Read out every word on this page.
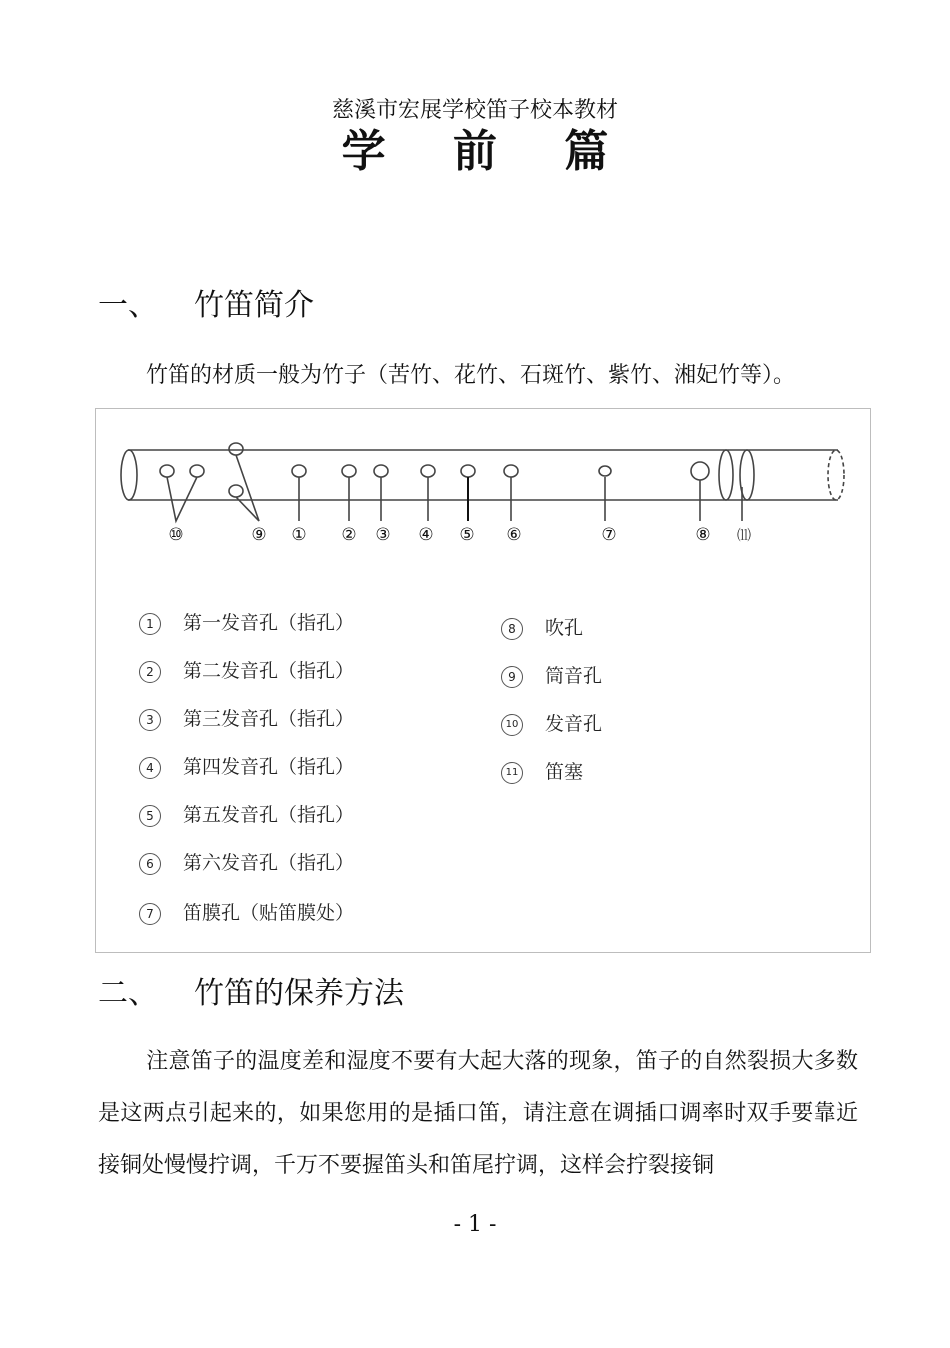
慈溪市宏展学校笛子校本教材
学 前 篇
一、 竹笛简介
竹笛的材质一般为竹子（苦竹、花竹、石斑竹、紫竹、湘妃竹等）。
⑩	⑨ ① ② ③ ④ ⑤ ⑥	⑦	⑧ ⑾
1 第一发音孔（指孔）
2 第二发音孔（指孔）
3 第三发音孔（指孔）
4 第四发音孔（指孔）
5 第五发音孔（指孔）
6 第六发音孔（指孔）
7 笛膜孔（贴笛膜处）
8 吹孔
9 筒音孔
10 发音孔
11 笛塞
二、 竹笛的保养方法
注意笛子的温度差和湿度不要有大起大落的现象，笛子的自然裂损大多数是这两点引起来的，如果您用的是插口笛，请注意在调插口调率时双手要靠近接铜处慢慢拧调，千万不要握笛头和笛尾拧调，这样会拧裂接铜
- 1 -
